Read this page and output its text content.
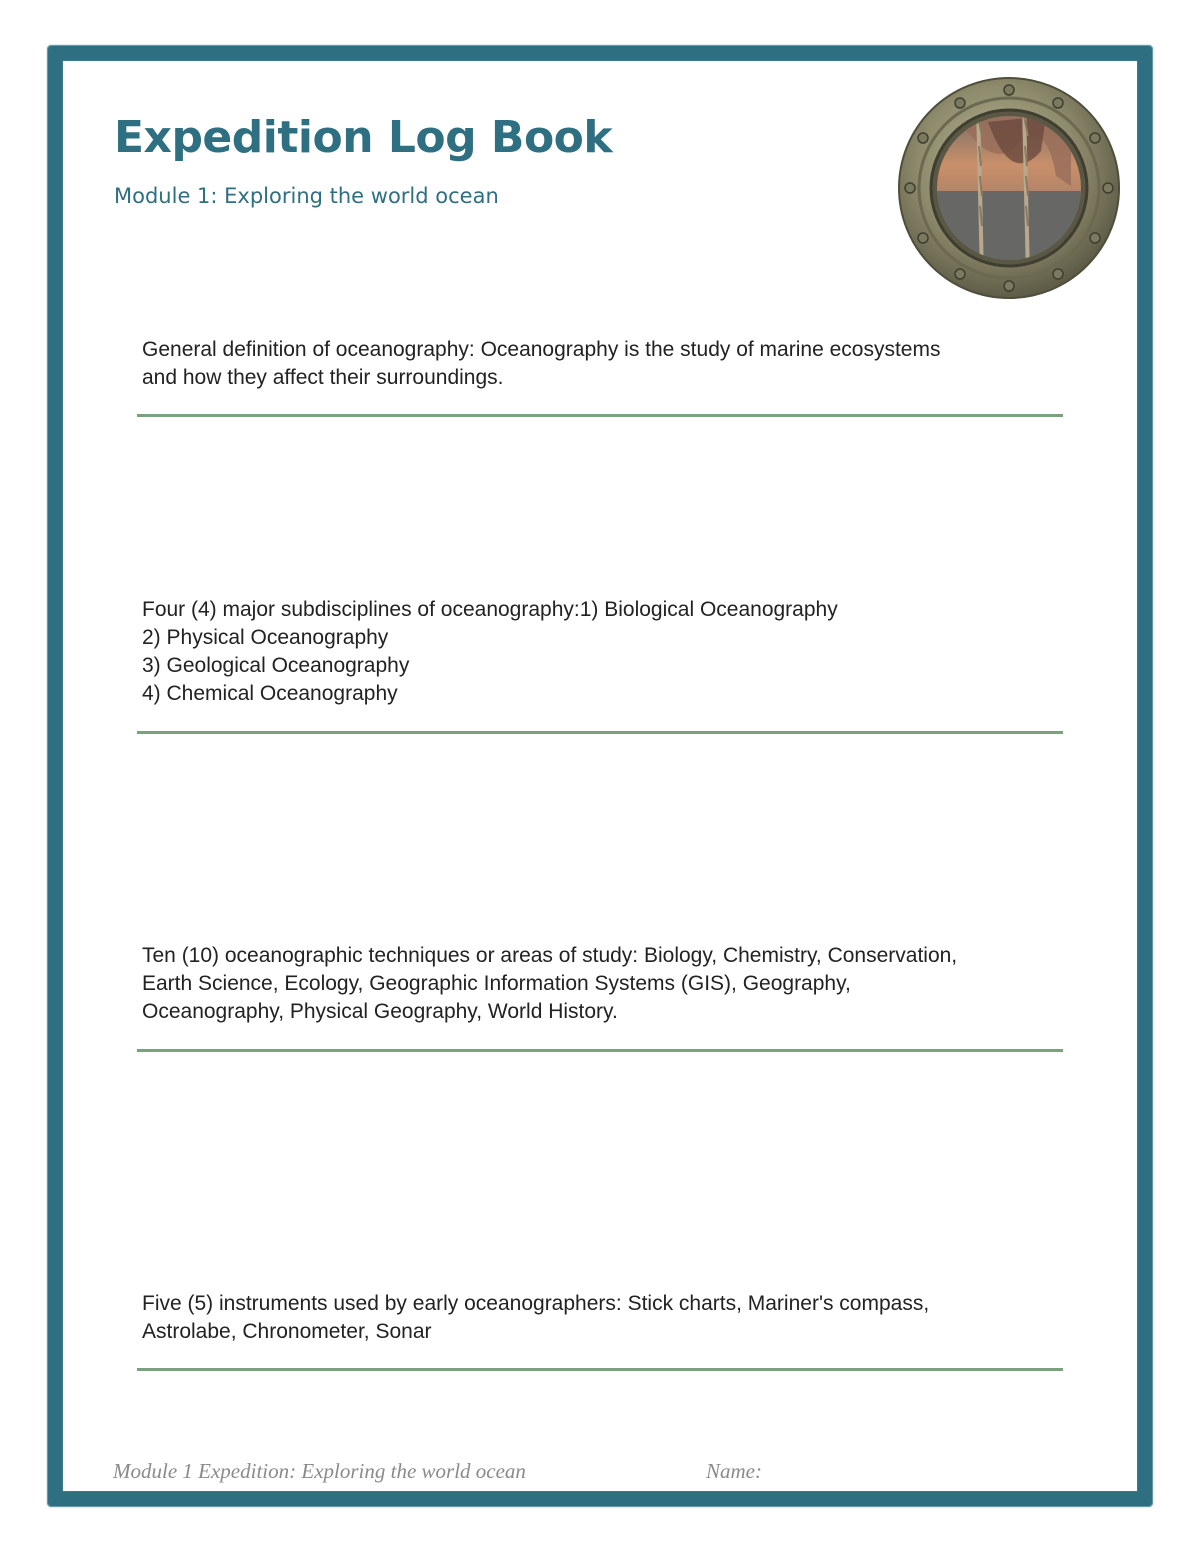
Expedition Log Book
Module 1: Exploring the world ocean
General definition of oceanography: Oceanography is the study of marine ecosystems
and how they affect their surroundings.
Four (4) major subdisciplines of oceanography:1) Biological Oceanography
2) Physical Oceanography
3) Geological Oceanography
4) Chemical Oceanography
Ten (10) oceanographic techniques or areas of study: Biology, Chemistry, Conservation,
Earth Science, Ecology, Geographic Information Systems (GIS), Geography,
Oceanography, Physical Geography, World History.
Five (5) instruments used by early oceanographers: Stick charts, Mariner's compass,
Astrolabe, Chronometer, Sonar
Module 1 Expedition: Exploring the world ocean	Name:
